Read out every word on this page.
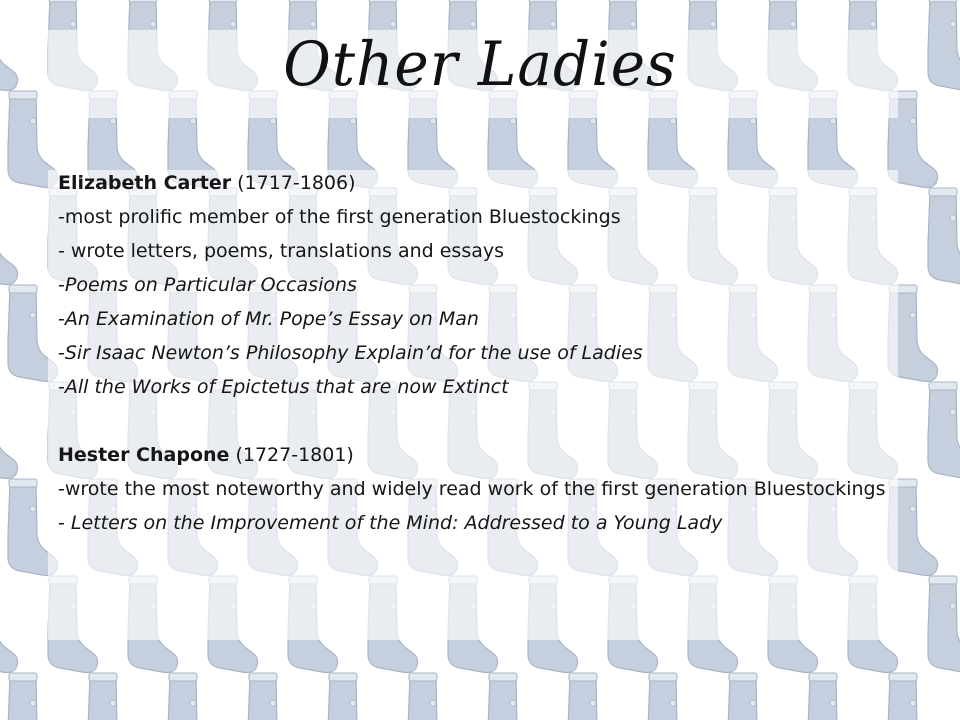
Other Ladies
Elizabeth Carter (1717-1806)
-most prolific member of the first generation Bluestockings
- wrote letters, poems, translations and essays
-Poems on Particular Occasions
-An Examination of Mr. Pope’s Essay on Man
-Sir Isaac Newton’s Philosophy Explain’d for the use of Ladies
-All the Works of Epictetus that are now Extinct
Hester Chapone (1727-1801)
-wrote the most noteworthy and widely read work of the first generation Bluestockings
- Letters on the Improvement of the Mind: Addressed to a Young Lady
